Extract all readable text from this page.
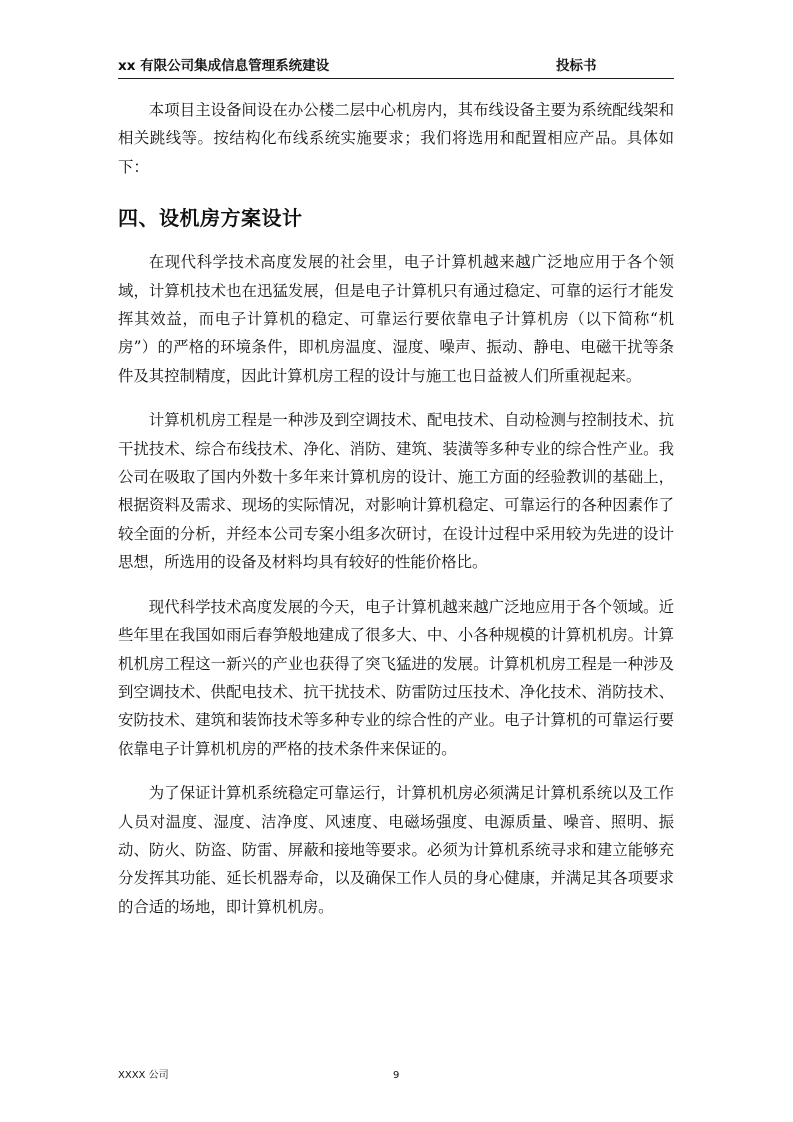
xx 有限公司集成信息管理系统建设	投标书

本项目主设备间设在办公楼二层中心机房内，其布线设备主要为系统配线架和相关跳线等。按结构化布线系统实施要求；我们将选用和配置相应产品。具体如下：

四、设机房方案设计

在现代科学技术高度发展的社会里，电子计算机越来越广泛地应用于各个领域，计算机技术也在迅猛发展，但是电子计算机只有通过稳定、可靠的运行才能发挥其效益，而电子计算机的稳定、可靠运行要依靠电子计算机房（以下简称“机房”）的严格的环境条件，即机房温度、湿度、噪声、振动、静电、电磁干扰等条件及其控制精度，因此计算机房工程的设计与施工也日益被人们所重视起来。

计算机机房工程是一种涉及到空调技术、配电技术、自动检测与控制技术、抗干扰技术、综合布线技术、净化、消防、建筑、装潢等多种专业的综合性产业。我公司在吸取了国内外数十多年来计算机房的设计、施工方面的经验教训的基础上，根据资料及需求、现场的实际情况，对影响计算机稳定、可靠运行的各种因素作了较全面的分析，并经本公司专案小组多次研讨，在设计过程中采用较为先进的设计思想，所选用的设备及材料均具有较好的性能价格比。

现代科学技术高度发展的今天，电子计算机越来越广泛地应用于各个领域。近些年里在我国如雨后春笋般地建成了很多大、中、小各种规模的计算机机房。计算机机房工程这一新兴的产业也获得了突飞猛进的发展。计算机机房工程是一种涉及到空调技术、供配电技术、抗干扰技术、防雷防过压技术、净化技术、消防技术、安防技术、建筑和装饰技术等多种专业的综合性的产业。电子计算机的可靠运行要依靠电子计算机机房的严格的技术条件来保证的。

为了保证计算机系统稳定可靠运行，计算机机房必须满足计算机系统以及工作人员对温度、湿度、洁净度、风速度、电磁场强度、电源质量、噪音、照明、振动、防火、防盗、防雷、屏蔽和接地等要求。必须为计算机系统寻求和建立能够充分发挥其功能、延长机器寿命，以及确保工作人员的身心健康，并满足其各项要求的合适的场地，即计算机机房。

XXXX 公司	9
